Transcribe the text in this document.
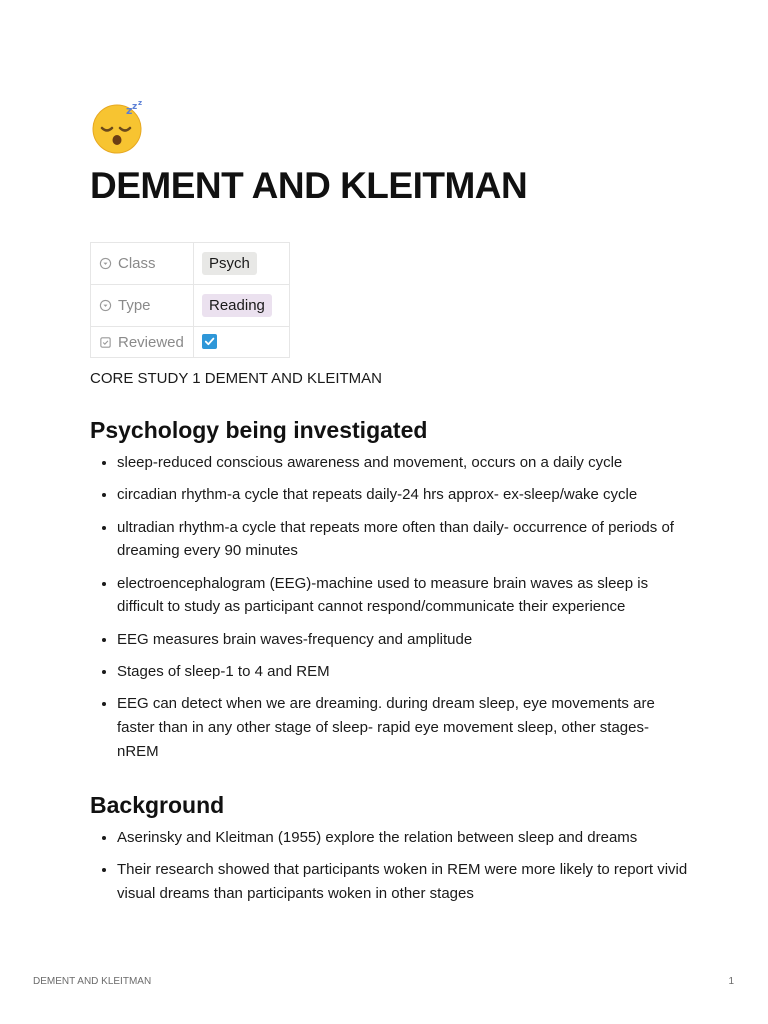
z z z
DEMENT AND KLEITMAN
Class	Psych

Type	Reading

Reviewed

CORE STUDY 1 DEMENT AND KLEITMAN

Psychology being investigated
• sleep-reduced conscious awareness and movement, occurs on a daily cycle
• circadian rhythm-a cycle that repeats daily-24 hrs approx- ex-sleep/wake cycle
• ultradian rhythm-a cycle that repeats more often than daily- occurrence of periods of dreaming every 90 minutes
• electroencephalogram (EEG)-machine used to measure brain waves as sleep is difficult to study as participant cannot respond/communicate their experience
• EEG measures brain waves-frequency and amplitude
• Stages of sleep-1 to 4 and REM
• EEG can detect when we are dreaming. during dream sleep, eye movements are faster than in any other stage of sleep- rapid eye movement sleep, other stages-nREM
Background
• Aserinsky and Kleitman (1955) explore the relation between sleep and dreams
• Their research showed that participants woken in REM were more likely to report vivid visual dreams than participants woken in other stages
DEMENT AND KLEITMAN	1
